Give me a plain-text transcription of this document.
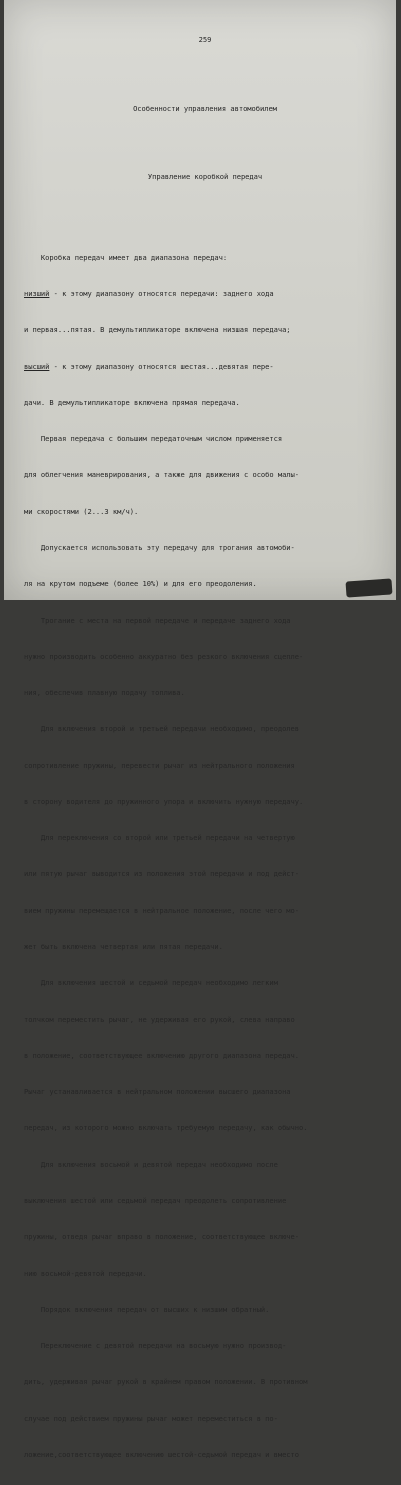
259

Особенности управления автомобилем

Управление коробкой передач

Коробка передач имеет два диапазона передач:

низший - к этому диапазону относятся передачи: заднего хода

и первая...пятая. В демультипликаторе включена низшая передача;

высший - к этому диапазону относятся шестая...девятая пере-

дачи. В демультипликаторе включена прямая передача.

Первая передача с большим передаточным числом применяется

для облегчения маневрирования, а также для движения с особо малы-

ми скоростями (2...3 км/ч).

Допускается использовать эту передачу для трогания автомоби-

ля на крутом подъеме (более 10%) и для его преодоления.

Трогание с места на первой передаче и передаче заднего хода

нужно производить особенно аккуратно без резкого включения сцепле-

ния, обеспечив плавную подачу топлива.

Для включения второй и третьей передачи необходимо, преодолев

сопротивление пружины, перевести рычаг из нейтрального положения

в сторону водителя до пружинного упора и включить нужную передачу.

Для переключения со второй или третьей передачи на четвертую

или пятую рычаг выводится из положения этой передачи и под дейст-

вием пружины перемещается в нейтральное положение, после чего мо-

жет быть включена четвертая или пятая передачи.

Для включения шестой и седьмой передач необходимо легким

толчком переместить рычаг, не удерживая его рукой, слева направо

в положение, соответствующее включению другого диапазона передач.

Рычаг устанавливается в нейтральном положении высшего диапазона

передач, из которого можно включать требуемую передачу, как обычно.

Для включения восьмой и девятой передач необходимо после

выключения шестой или седьмой передач преодолеть сопротивление

пружины, отведя рычаг вправо в положение, соответствующее включе-

нию восьмой-девятой передачи.

Порядок включения передач от высших к низшим обратный.

Переключение с девятой передачи на восьмую нужно производ-

дить, удерживая рычаг рукой в крайнем правом положении. В противном

случае под действием пружины рычаг может переместиться в по-

ложение,соответствующее включению шестой-седьмой передач и вместо
